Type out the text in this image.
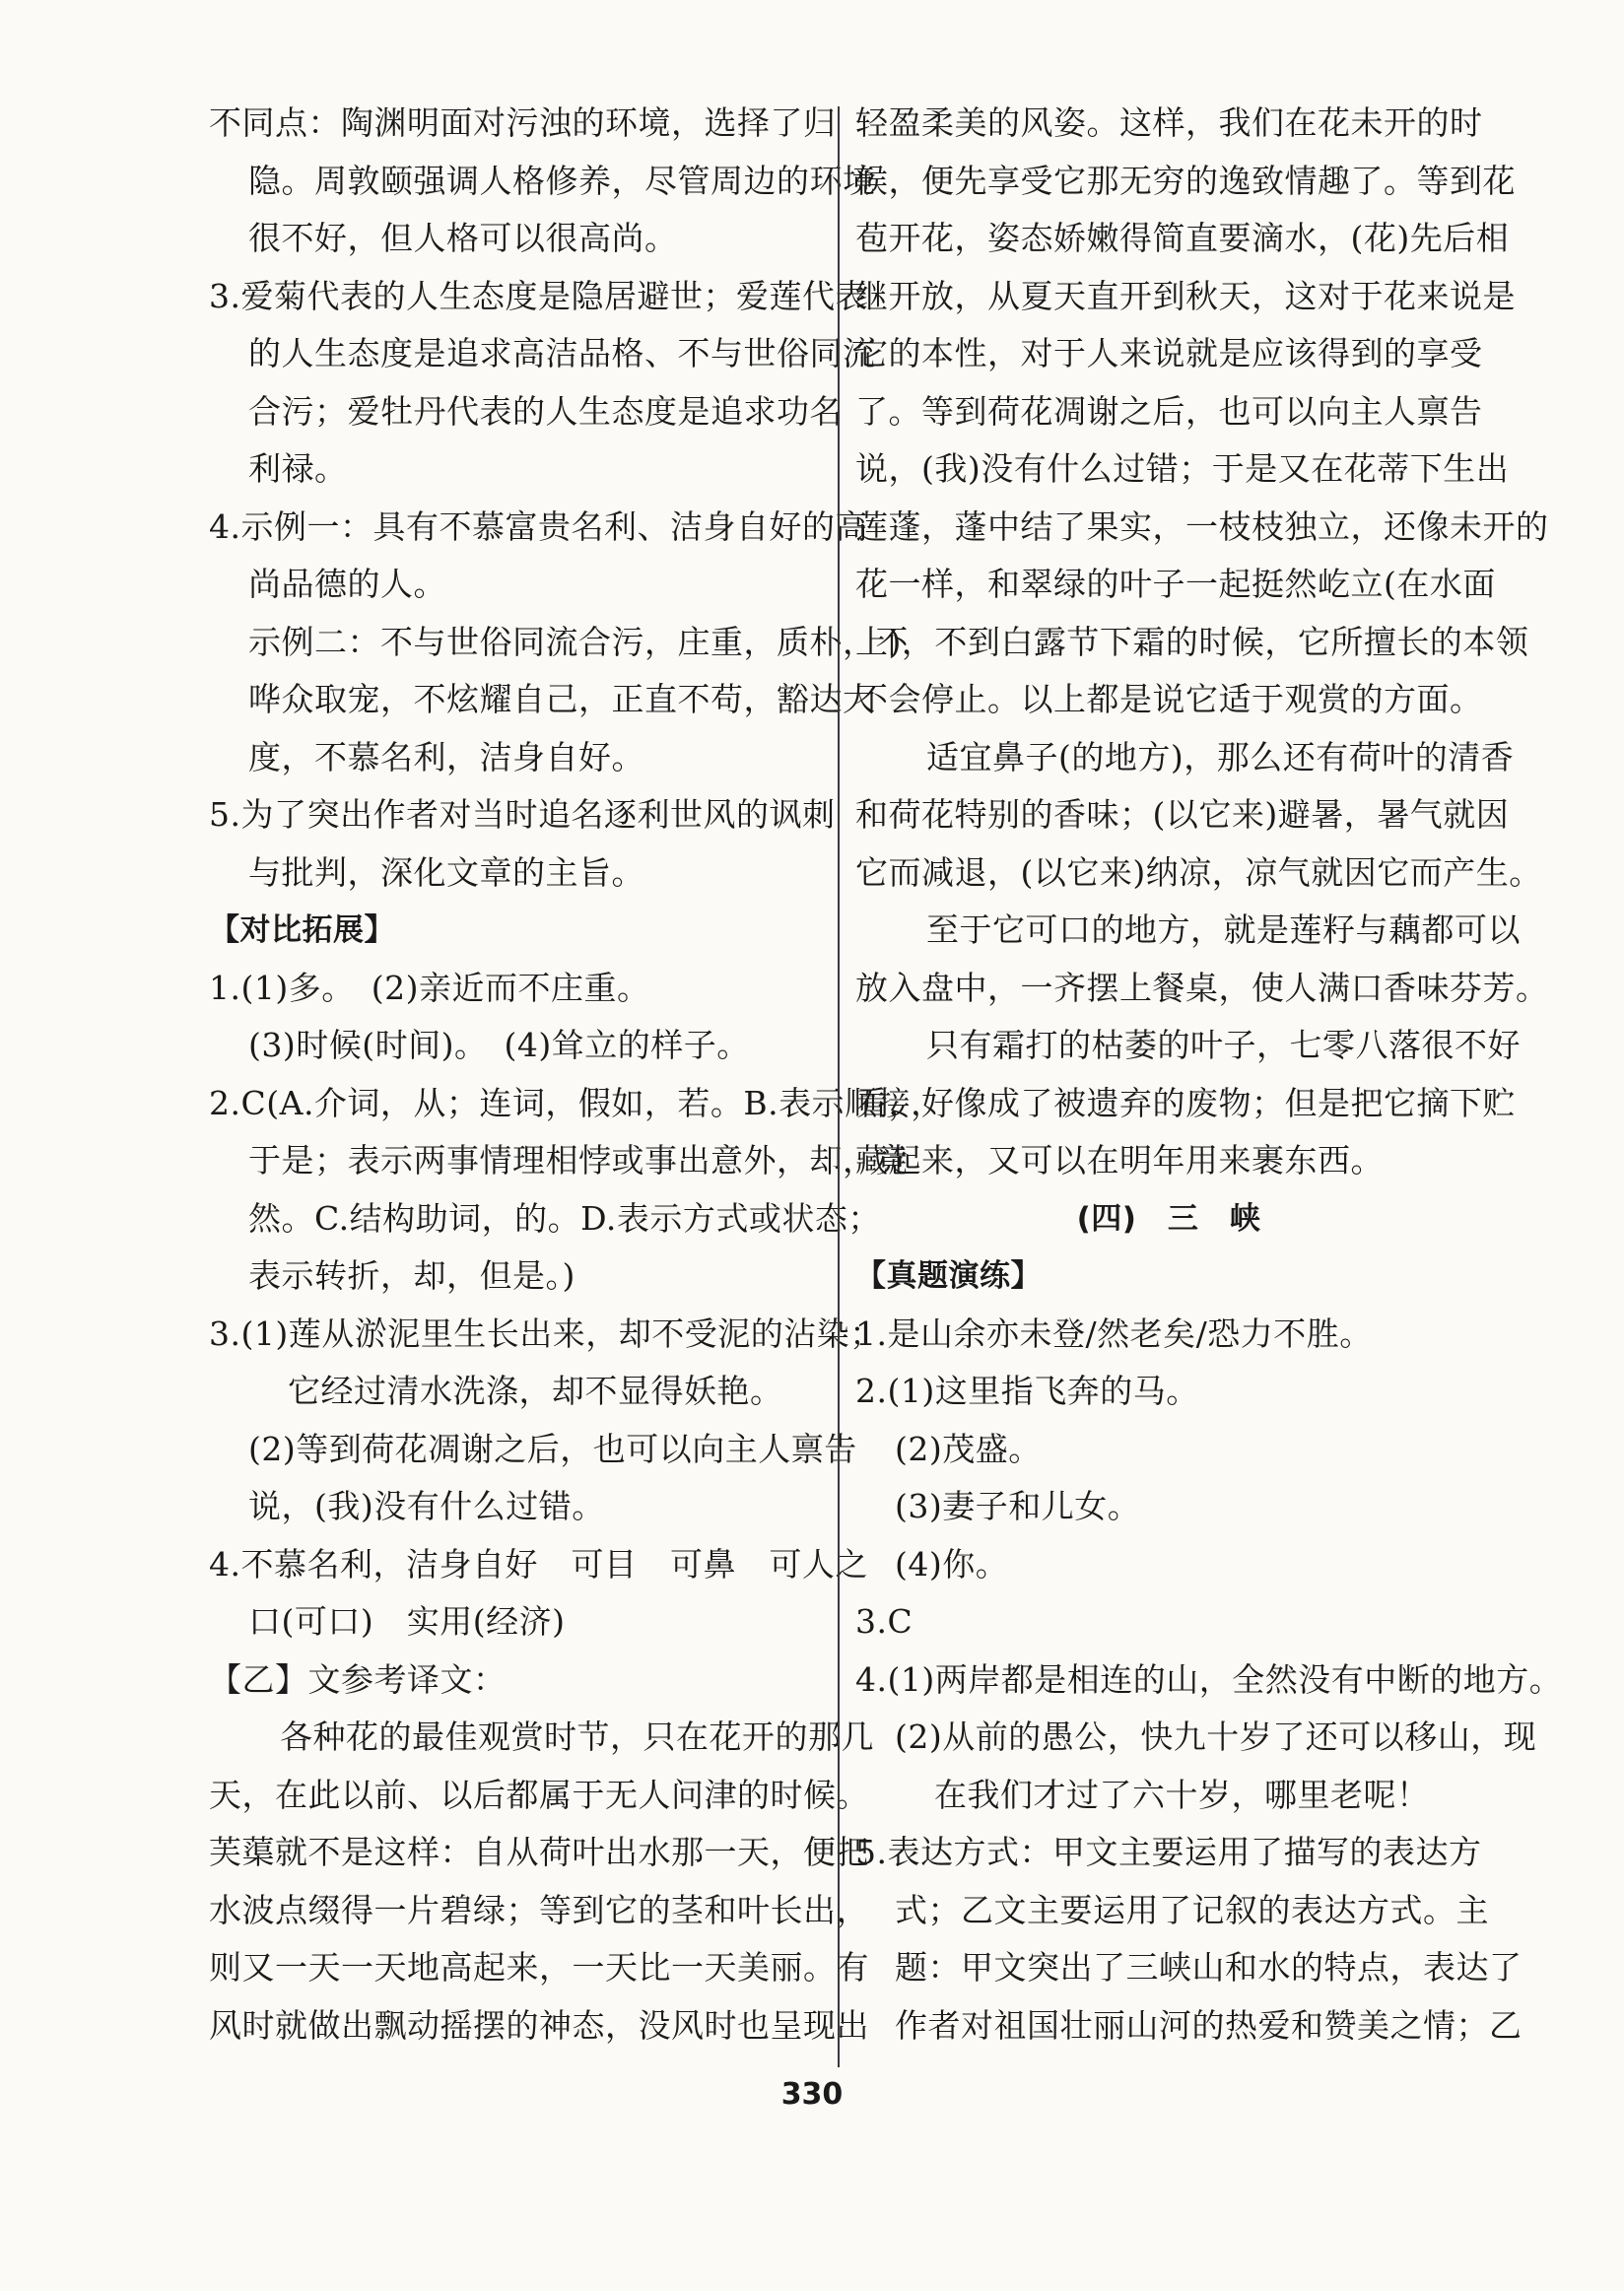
不同点：陶渊明面对污浊的环境，选择了归
隐。周敦颐强调人格修养，尽管周边的环境
很不好，但人格可以很高尚。
3.爱菊代表的人生态度是隐居避世；爱莲代表
的人生态度是追求高洁品格、不与世俗同流
合污；爱牡丹代表的人生态度是追求功名
利禄。
4.示例一：具有不慕富贵名利、洁身自好的高
尚品德的人。
示例二：不与世俗同流合污，庄重，质朴，不
哗众取宠，不炫耀自己，正直不苟，豁达大
度，不慕名利，洁身自好。
5.为了突出作者对当时追名逐利世风的讽刺
与批判，深化文章的主旨。
【对比拓展】
1.(1)多。　(2)亲近而不庄重。
(3)时候(时间)。　(4)耸立的样子。
2.C(A.介词，从；连词，假如，若。B.表示顺接，
于是；表示两事情理相悖或事出意外，却，竟
然。C.结构助词，的。D.表示方式或状态；
表示转折，却，但是。)
3.(1)莲从淤泥里生长出来，却不受泥的沾染；
它经过清水洗涤，却不显得妖艳。
(2)等到荷花凋谢之后，也可以向主人禀告
说，(我)没有什么过错。
4.不慕名利，洁身自好　可目　可鼻　可人之
口(可口)　实用(经济)
【乙】文参考译文：
各种花的最佳观赏时节，只在花开的那几
天，在此以前、以后都属于无人问津的时候。
芙蕖就不是这样：自从荷叶出水那一天，便把
水波点缀得一片碧绿；等到它的茎和叶长出，
则又一天一天地高起来，一天比一天美丽。有
风时就做出飘动摇摆的神态，没风时也呈现出
轻盈柔美的风姿。这样，我们在花未开的时
候，便先享受它那无穷的逸致情趣了。等到花
苞开花，姿态娇嫩得简直要滴水，(花)先后相
继开放，从夏天直开到秋天，这对于花来说是
它的本性，对于人来说就是应该得到的享受
了。等到荷花凋谢之后，也可以向主人禀告
说，(我)没有什么过错；于是又在花蒂下生出
莲蓬，蓬中结了果实，一枝枝独立，还像未开的
花一样，和翠绿的叶子一起挺然屹立(在水面
上)，不到白露节下霜的时候，它所擅长的本领
不会停止。以上都是说它适于观赏的方面。
适宜鼻子(的地方)，那么还有荷叶的清香
和荷花特别的香味；(以它来)避暑，暑气就因
它而减退，(以它来)纳凉，凉气就因它而产生。
至于它可口的地方，就是莲籽与藕都可以
放入盘中，一齐摆上餐桌，使人满口香味芬芳。
只有霜打的枯萎的叶子，七零八落很不好
看，好像成了被遗弃的废物；但是把它摘下贮
藏起来，又可以在明年用来裹东西。
(四)　三　峡
【真题演练】
1.是山余亦未登/然老矣/恐力不胜。
2.(1)这里指飞奔的马。
(2)茂盛。
(3)妻子和儿女。
(4)你。
3.C
4.(1)两岸都是相连的山，全然没有中断的地方。
(2)从前的愚公，快九十岁了还可以移山，现
在我们才过了六十岁，哪里老呢！
5.表达方式：甲文主要运用了描写的表达方
式；乙文主要运用了记叙的表达方式。主
题：甲文突出了三峡山和水的特点，表达了
作者对祖国壮丽山河的热爱和赞美之情；乙
330
